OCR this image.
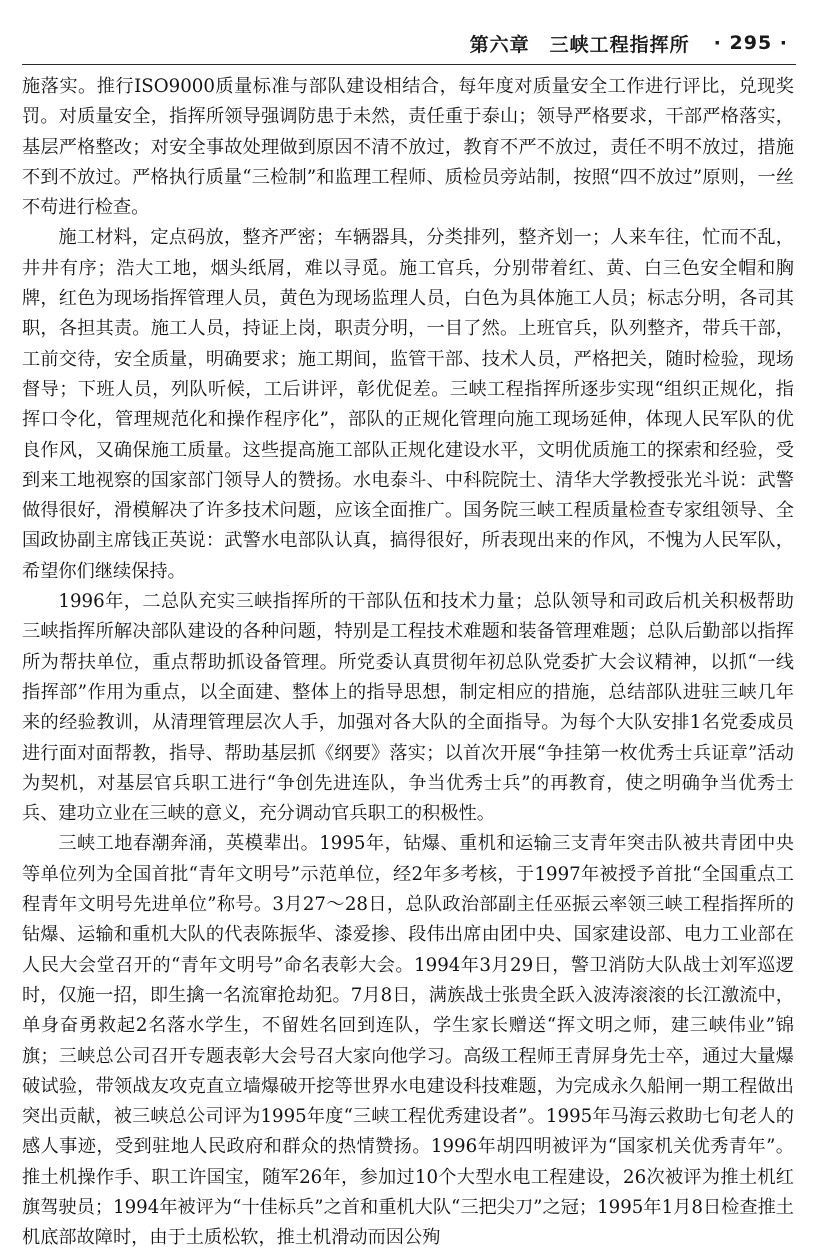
第六章　三峡工程指挥所 · 295 ·

施落实。推行ISO9000质量标准与部队建设相结合，每年度对质量安全工作进行评比，兑现奖罚。对质量安全，指挥所领导强调防患于未然，责任重于泰山；领导严格要求，干部严格落实，基层严格整改；对安全事故处理做到原因不清不放过，教育不严不放过，责任不明不放过，措施不到不放过。严格执行质量“三检制”和监理工程师、质检员旁站制，按照“四不放过”原则，一丝不苟进行检查。

施工材料，定点码放，整齐严密；车辆器具，分类排列，整齐划一；人来车往，忙而不乱，井井有序；浩大工地，烟头纸屑，难以寻觅。施工官兵，分别带着红、黄、白三色安全帽和胸牌，红色为现场指挥管理人员，黄色为现场监理人员，白色为具体施工人员；标志分明，各司其职，各担其责。施工人员，持证上岗，职责分明，一目了然。上班官兵，队列整齐，带兵干部，工前交待，安全质量，明确要求；施工期间，监管干部、技术人员，严格把关，随时检验，现场督导；下班人员，列队听候，工后讲评，彰优促差。三峡工程指挥所逐步实现“组织正规化，指挥口令化，管理规范化和操作程序化”，部队的正规化管理向施工现场延伸，体现人民军队的优良作风，又确保施工质量。这些提高施工部队正规化建设水平，文明优质施工的探索和经验，受到来工地视察的国家部门领导人的赞扬。水电泰斗、中科院院士、清华大学教授张光斗说：武警做得很好，滑模解决了许多技术问题，应该全面推广。国务院三峡工程质量检查专家组领导、全国政协副主席钱正英说：武警水电部队认真，搞得很好，所表现出来的作风，不愧为人民军队，希望你们继续保持。

1996年，二总队充实三峡指挥所的干部队伍和技术力量；总队领导和司政后机关积极帮助三峡指挥所解决部队建设的各种问题，特别是工程技术难题和装备管理难题；总队后勤部以指挥所为帮扶单位，重点帮助抓设备管理。所党委认真贯彻年初总队党委扩大会议精神，以抓“一线指挥部”作用为重点，以全面建、整体上的指导思想，制定相应的措施，总结部队进驻三峡几年来的经验教训，从清理管理层次人手，加强对各大队的全面指导。为每个大队安排1名党委成员进行面对面帮教，指导、帮助基层抓《纲要》落实；以首次开展“争挂第一枚优秀士兵证章”活动为契机，对基层官兵职工进行“争创先进连队，争当优秀士兵”的再教育，使之明确争当优秀士兵、建功立业在三峡的意义，充分调动官兵职工的积极性。

三峡工地春潮奔涌，英模辈出。1995年，钻爆、重机和运输三支青年突击队被共青团中央等单位列为全国首批“青年文明号”示范单位，经2年多考核，于1997年被授予首批“全国重点工程青年文明号先进单位”称号。3月27～28日，总队政治部副主任巫振云率领三峡工程指挥所的钻爆、运输和重机大队的代表陈振华、漆爱掺、段伟出席由团中央、国家建设部、电力工业部在人民大会堂召开的“青年文明号”命名表彰大会。1994年3月29日，警卫消防大队战士刘军巡逻时，仅施一招，即生擒一名流窜抢劫犯。7月8日，满族战士张贵全跃入波涛滚滚的长江激流中，单身奋勇救起2名落水学生，不留姓名回到连队，学生家长赠送“挥文明之师，建三峡伟业”锦旗；三峡总公司召开专题表彰大会号召大家向他学习。高级工程师王青屏身先士卒，通过大量爆破试验，带领战友攻克直立墙爆破开挖等世界水电建设科技难题，为完成永久船闸一期工程做出突出贡献，被三峡总公司评为1995年度“三峡工程优秀建设者”。1995年马海云救助七旬老人的感人事迹，受到驻地人民政府和群众的热情赞扬。1996年胡四明被评为“国家机关优秀青年”。推土机操作手、职工许国宝，随军26年，参加过10个大型水电工程建设，26次被评为推土机红旗驾驶员；1994年被评为“十佳标兵”之首和重机大队“三把尖刀”之冠；1995年1月8日检查推土机底部故障时，由于土质松软，推土机滑动而因公殉
